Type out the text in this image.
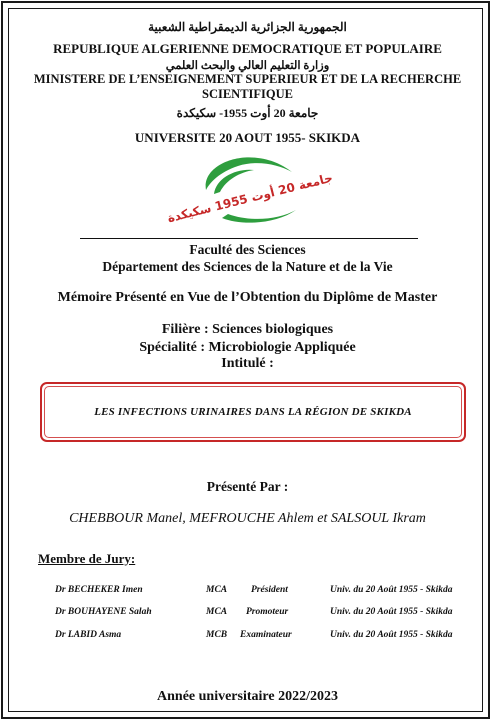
الجمهورية الجزائرية الديمقراطية الشعبية
REPUBLIQUE ALGERIENNE DEMOCRATIQUE ET POPULAIRE
وزارة التعليم العالي والبحث العلمي
MINISTERE DE L’ENSEIGNEMENT SUPERIEUR ET DE LA RECHERCHE
SCIENTIFIQUE
جامعة 20 أوت 1955- سكيكدة
UNIVERSITE 20 AOUT 1955- SKIKDA
جامعة 20 أوت 1955 سكيكدة
Faculté des Sciences
Département des Sciences de la Nature et de la Vie
Mémoire Présenté en Vue de l’Obtention du Diplôme de Master
Filière : Sciences biologiques
Spécialité : Microbiologie Appliquée
Intitulé :
LES INFECTIONS URINAIRES DANS LA RÉGION DE SKIKDA
Présenté Par :
CHEBBOUR Manel, MEFROUCHE Ahlem et SALSOUL Ikram
Membre de Jury:
Dr BECHEKER Imen	MCA	Président	Univ. du 20 Août 1955 - Skikda
Dr BOUHAYENE Salah	MCA Promoteur	Univ. du 20 Août 1955 - Skikda
Dr LABID Asma	MCB Examinateur	Univ. du 20 Août 1955 - Skikda
Année universitaire 2022/2023
